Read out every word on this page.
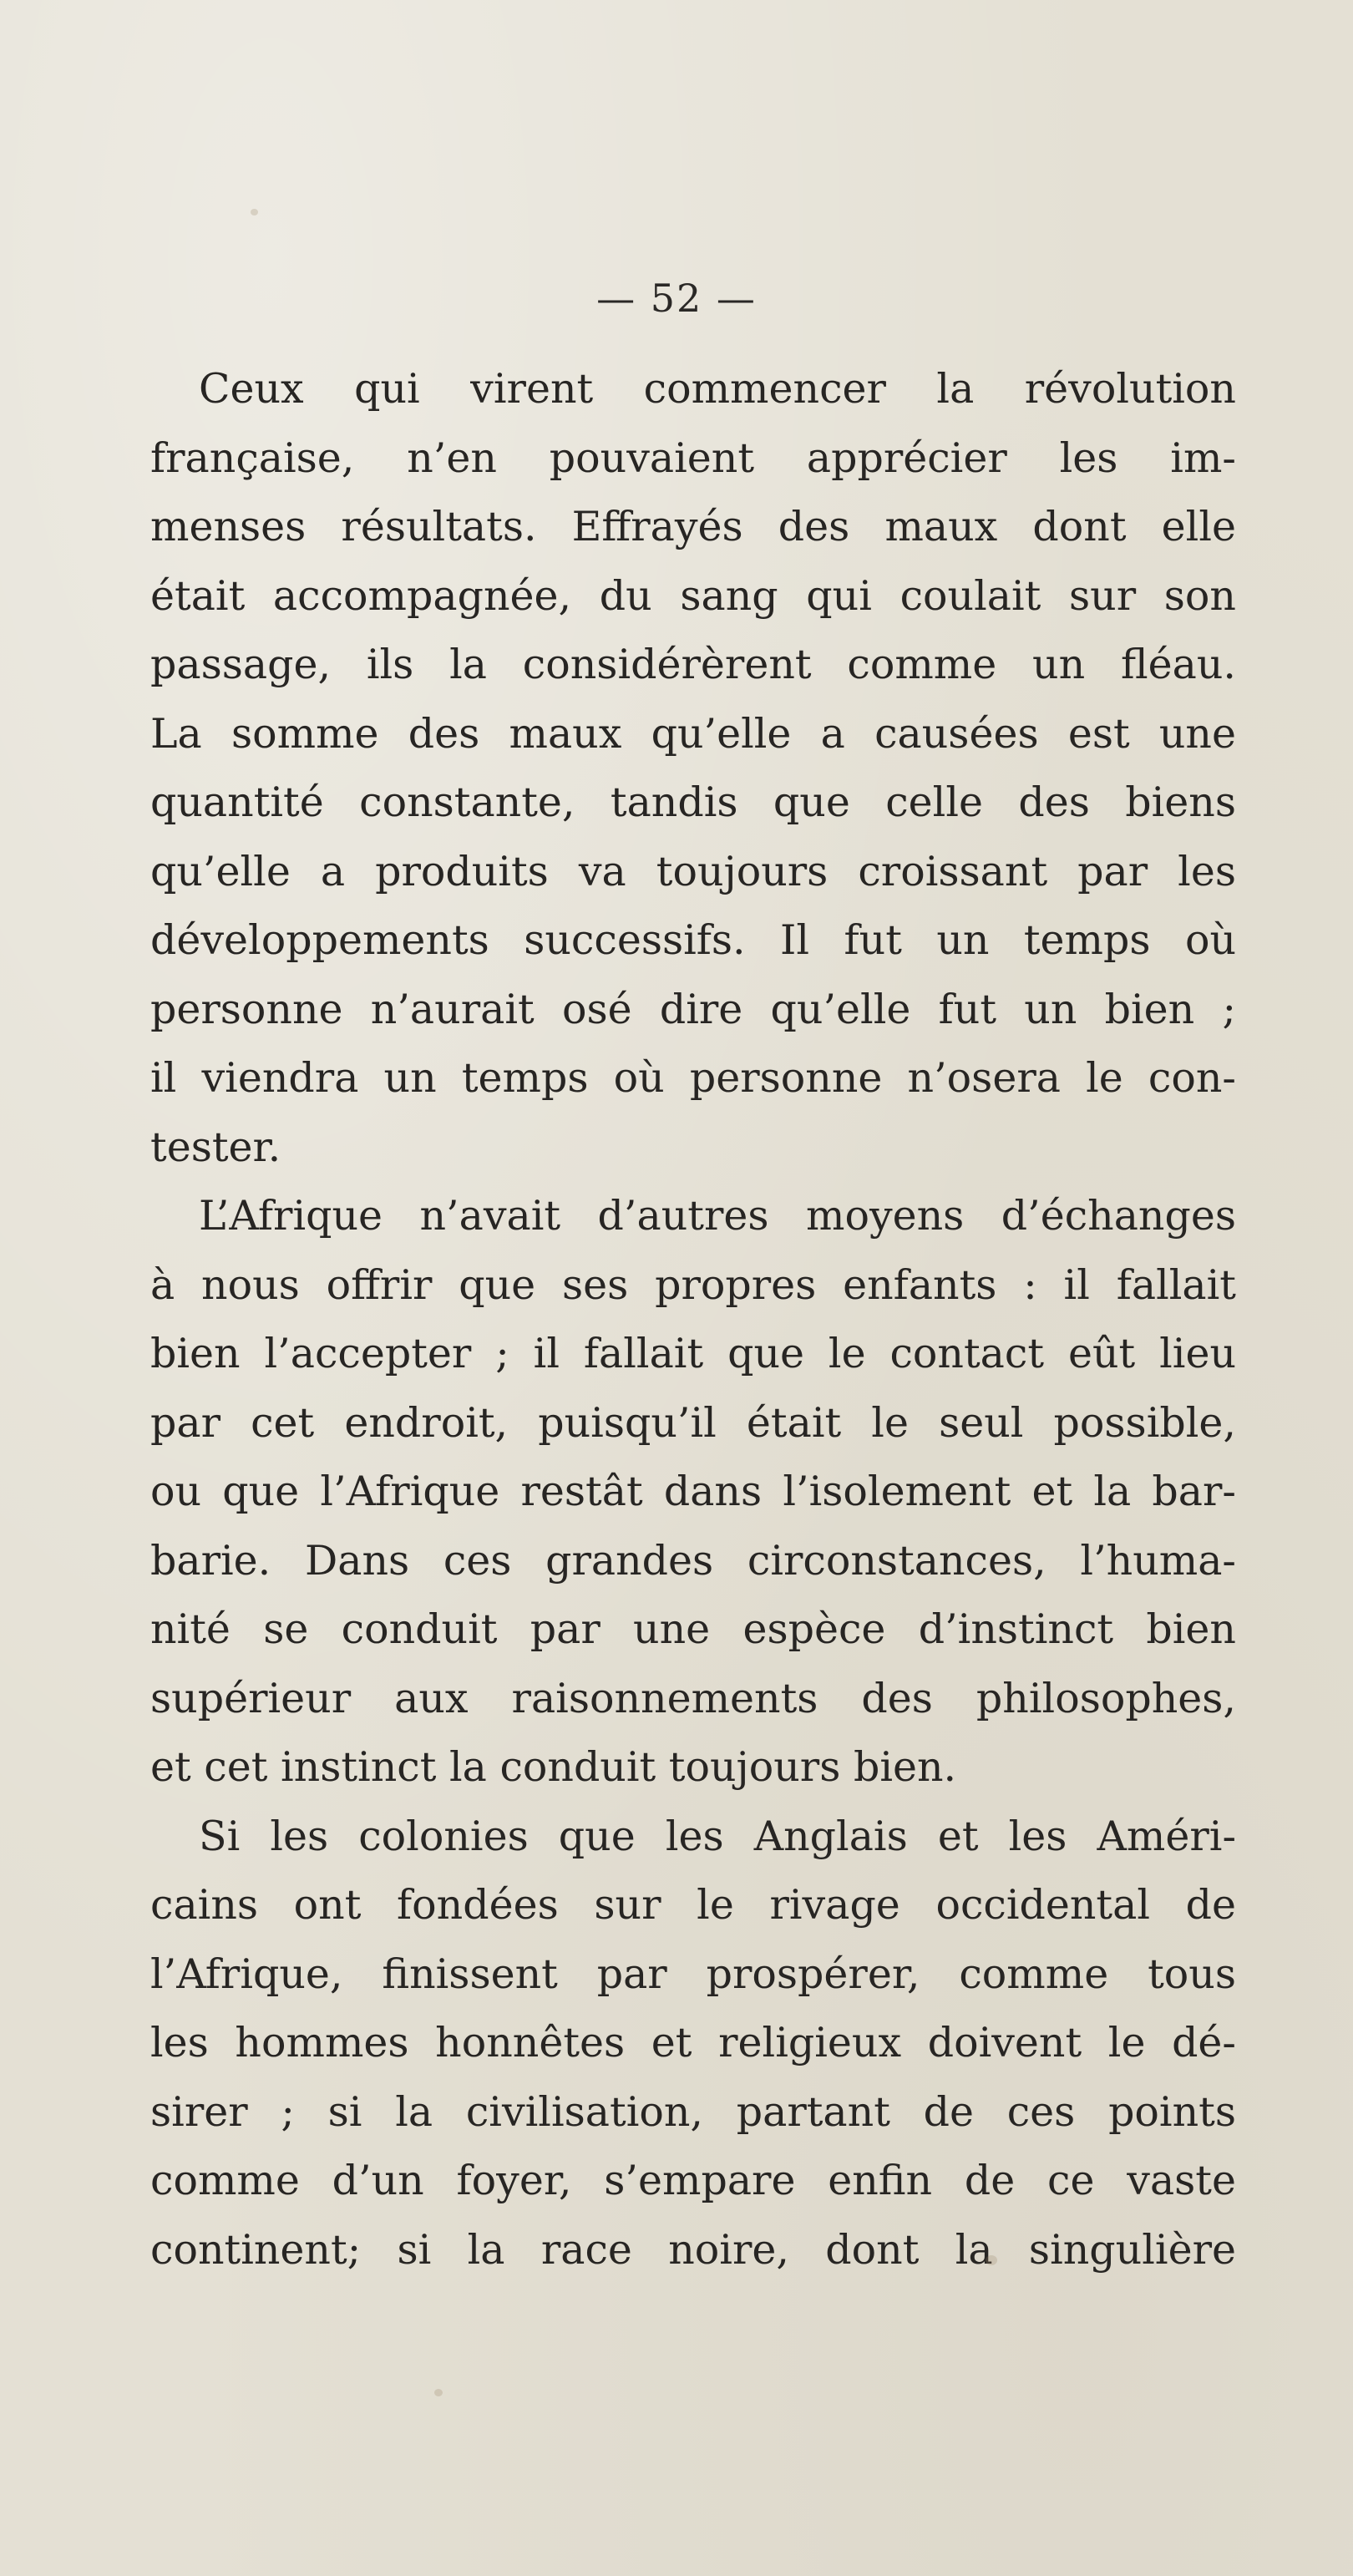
— 52 —
Ceux qui virent commencer la révolution
française, n’en pouvaient apprécier les im-
menses résultats. Effrayés des maux dont elle
était accompagnée, du sang qui coulait sur son
passage, ils la considérèrent comme un fléau.
La somme des maux qu’elle a causées est une
quantité constante, tandis que celle des biens
qu’elle a produits va toujours croissant par les
développements successifs. Il fut un temps où
personne n’aurait osé dire qu’elle fut un bien ;
il viendra un temps où personne n’osera le con-
tester.
L’Afrique n’avait d’autres moyens d’échanges
à nous offrir que ses propres enfants : il fallait
bien l’accepter ; il fallait que le contact eût lieu
par cet endroit, puisqu’il était le seul possible,
ou que l’Afrique restât dans l’isolement et la bar-
barie. Dans ces grandes circonstances, l’huma-
nité se conduit par une espèce d’instinct bien
supérieur aux raisonnements des philosophes,
et cet instinct la conduit toujours bien.
Si les colonies que les Anglais et les Améri-
cains ont fondées sur le rivage occidental de
l’Afrique, finissent par prospérer, comme tous
les hommes honnêtes et religieux doivent le dé-
sirer ; si la civilisation, partant de ces points
comme d’un foyer, s’empare enfin de ce vaste
continent; si la race noire, dont la singulière
